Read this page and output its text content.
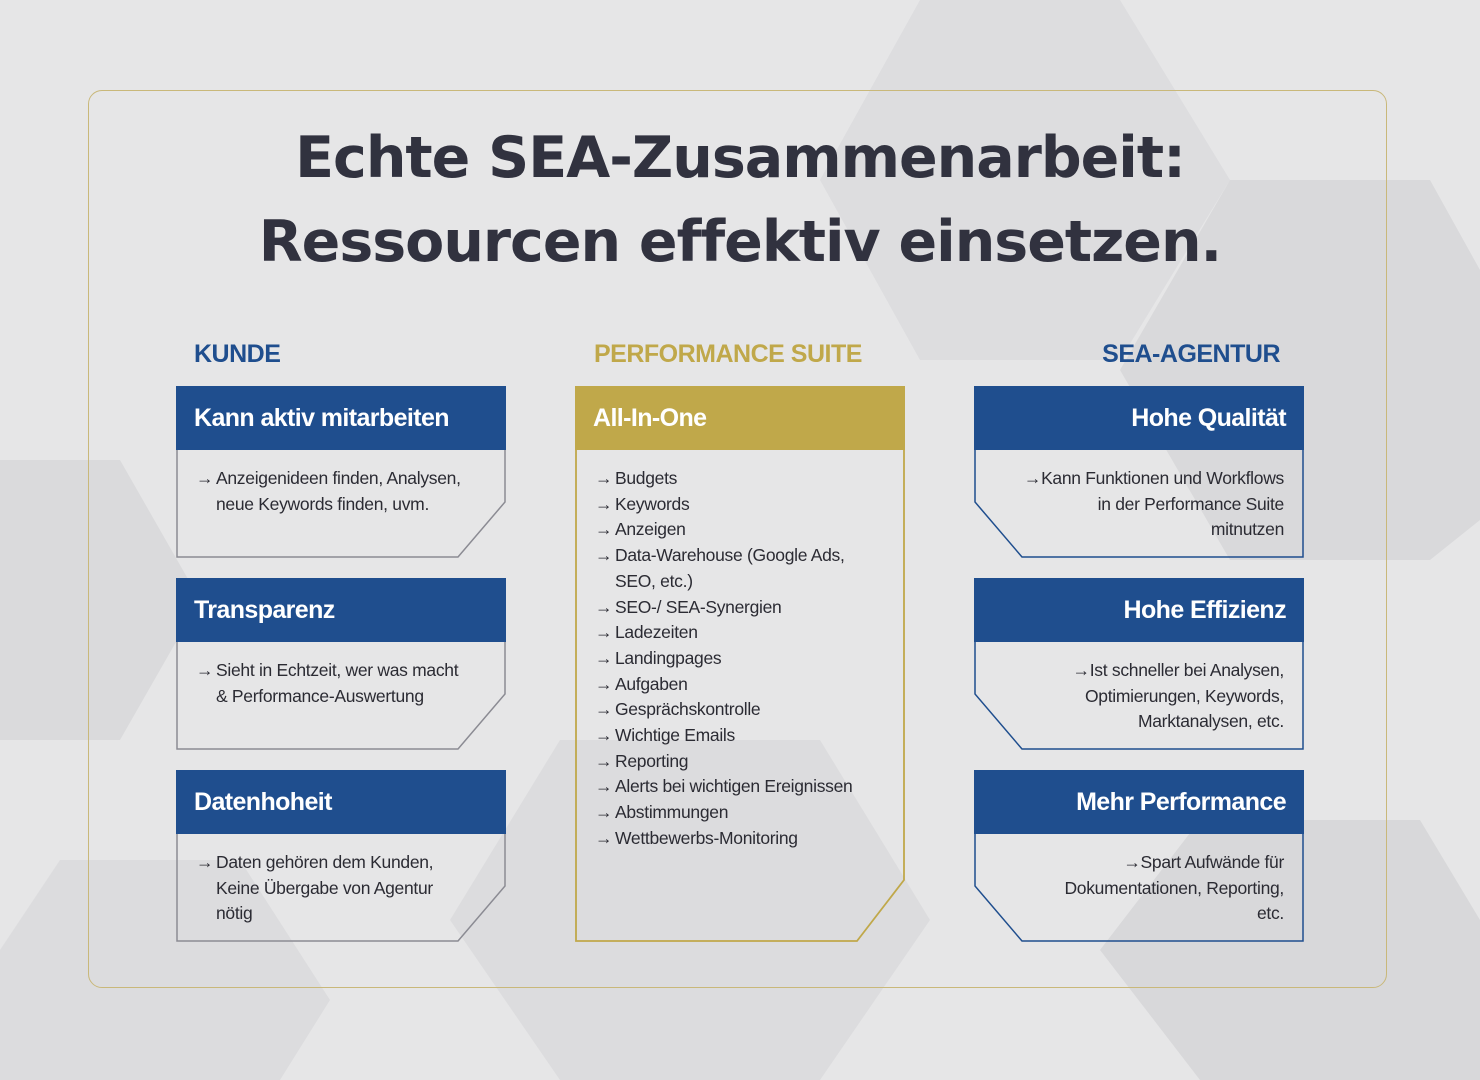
Echte SEA-Zusammenarbeit:
Ressourcen effektiv einsetzen.
KUNDE	PERFORMANCE SUITE	SEA-AGENTUR
Kann aktiv mitarbeiten
→ Anzeigenideen finden, Analysen,
neue Keywords finden, uvm.
Transparenz
→ Sieht in Echtzeit, wer was macht
& Performance-Auswertung
Datenhoheit
→ Daten gehören dem Kunden,
Keine Übergabe von Agentur
nötig
All-In-One
→ Budgets
→ Keywords
→ Anzeigen
→ Data-Warehouse (Google Ads,
SEO, etc.)
→ SEO-/ SEA-Synergien
→ Ladezeiten
→ Landingpages
→ Aufgaben
→ Gesprächskontrolle
→ Wichtige Emails
→ Reporting
→ Alerts bei wichtigen Ereignissen
→ Abstimmungen
→ Wettbewerbs-Monitoring
Hohe Qualität
→Kann Funktionen und Workflows
in der Performance Suite
mitnutzen
Hohe Effizienz
→Ist schneller bei Analysen,
Optimierungen, Keywords,
Marktanalysen, etc.
Mehr Performance
→Spart Aufwände für
Dokumentationen, Reporting,
etc.
